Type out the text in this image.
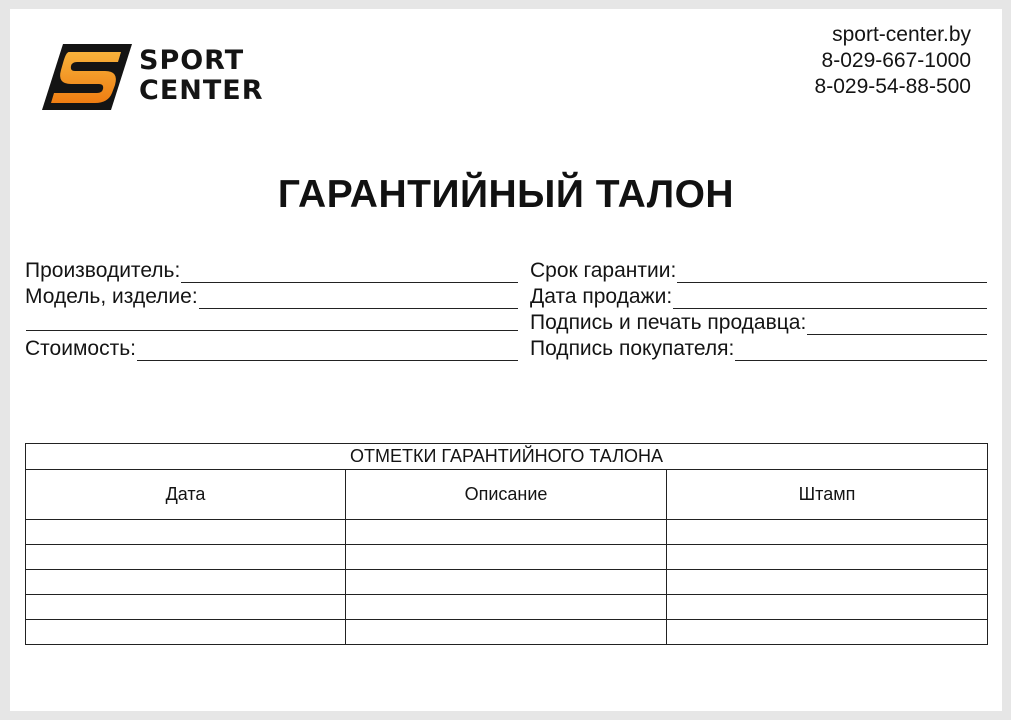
SPORT
CENTER
sport-center.by
8-029-667-1000
8-029-54-88-500
ГАРАНТИЙНЫЙ ТАЛОН
Производитель:
Модель, изделие:
Стоимость:
Срок гарантии:
Дата продажи:
Подпись и печать продавца:
Подпись покупателя:
ОТМЕТКИ ГАРАНТИЙНОГО ТАЛОНА		
Дата	Описание	Штамп
